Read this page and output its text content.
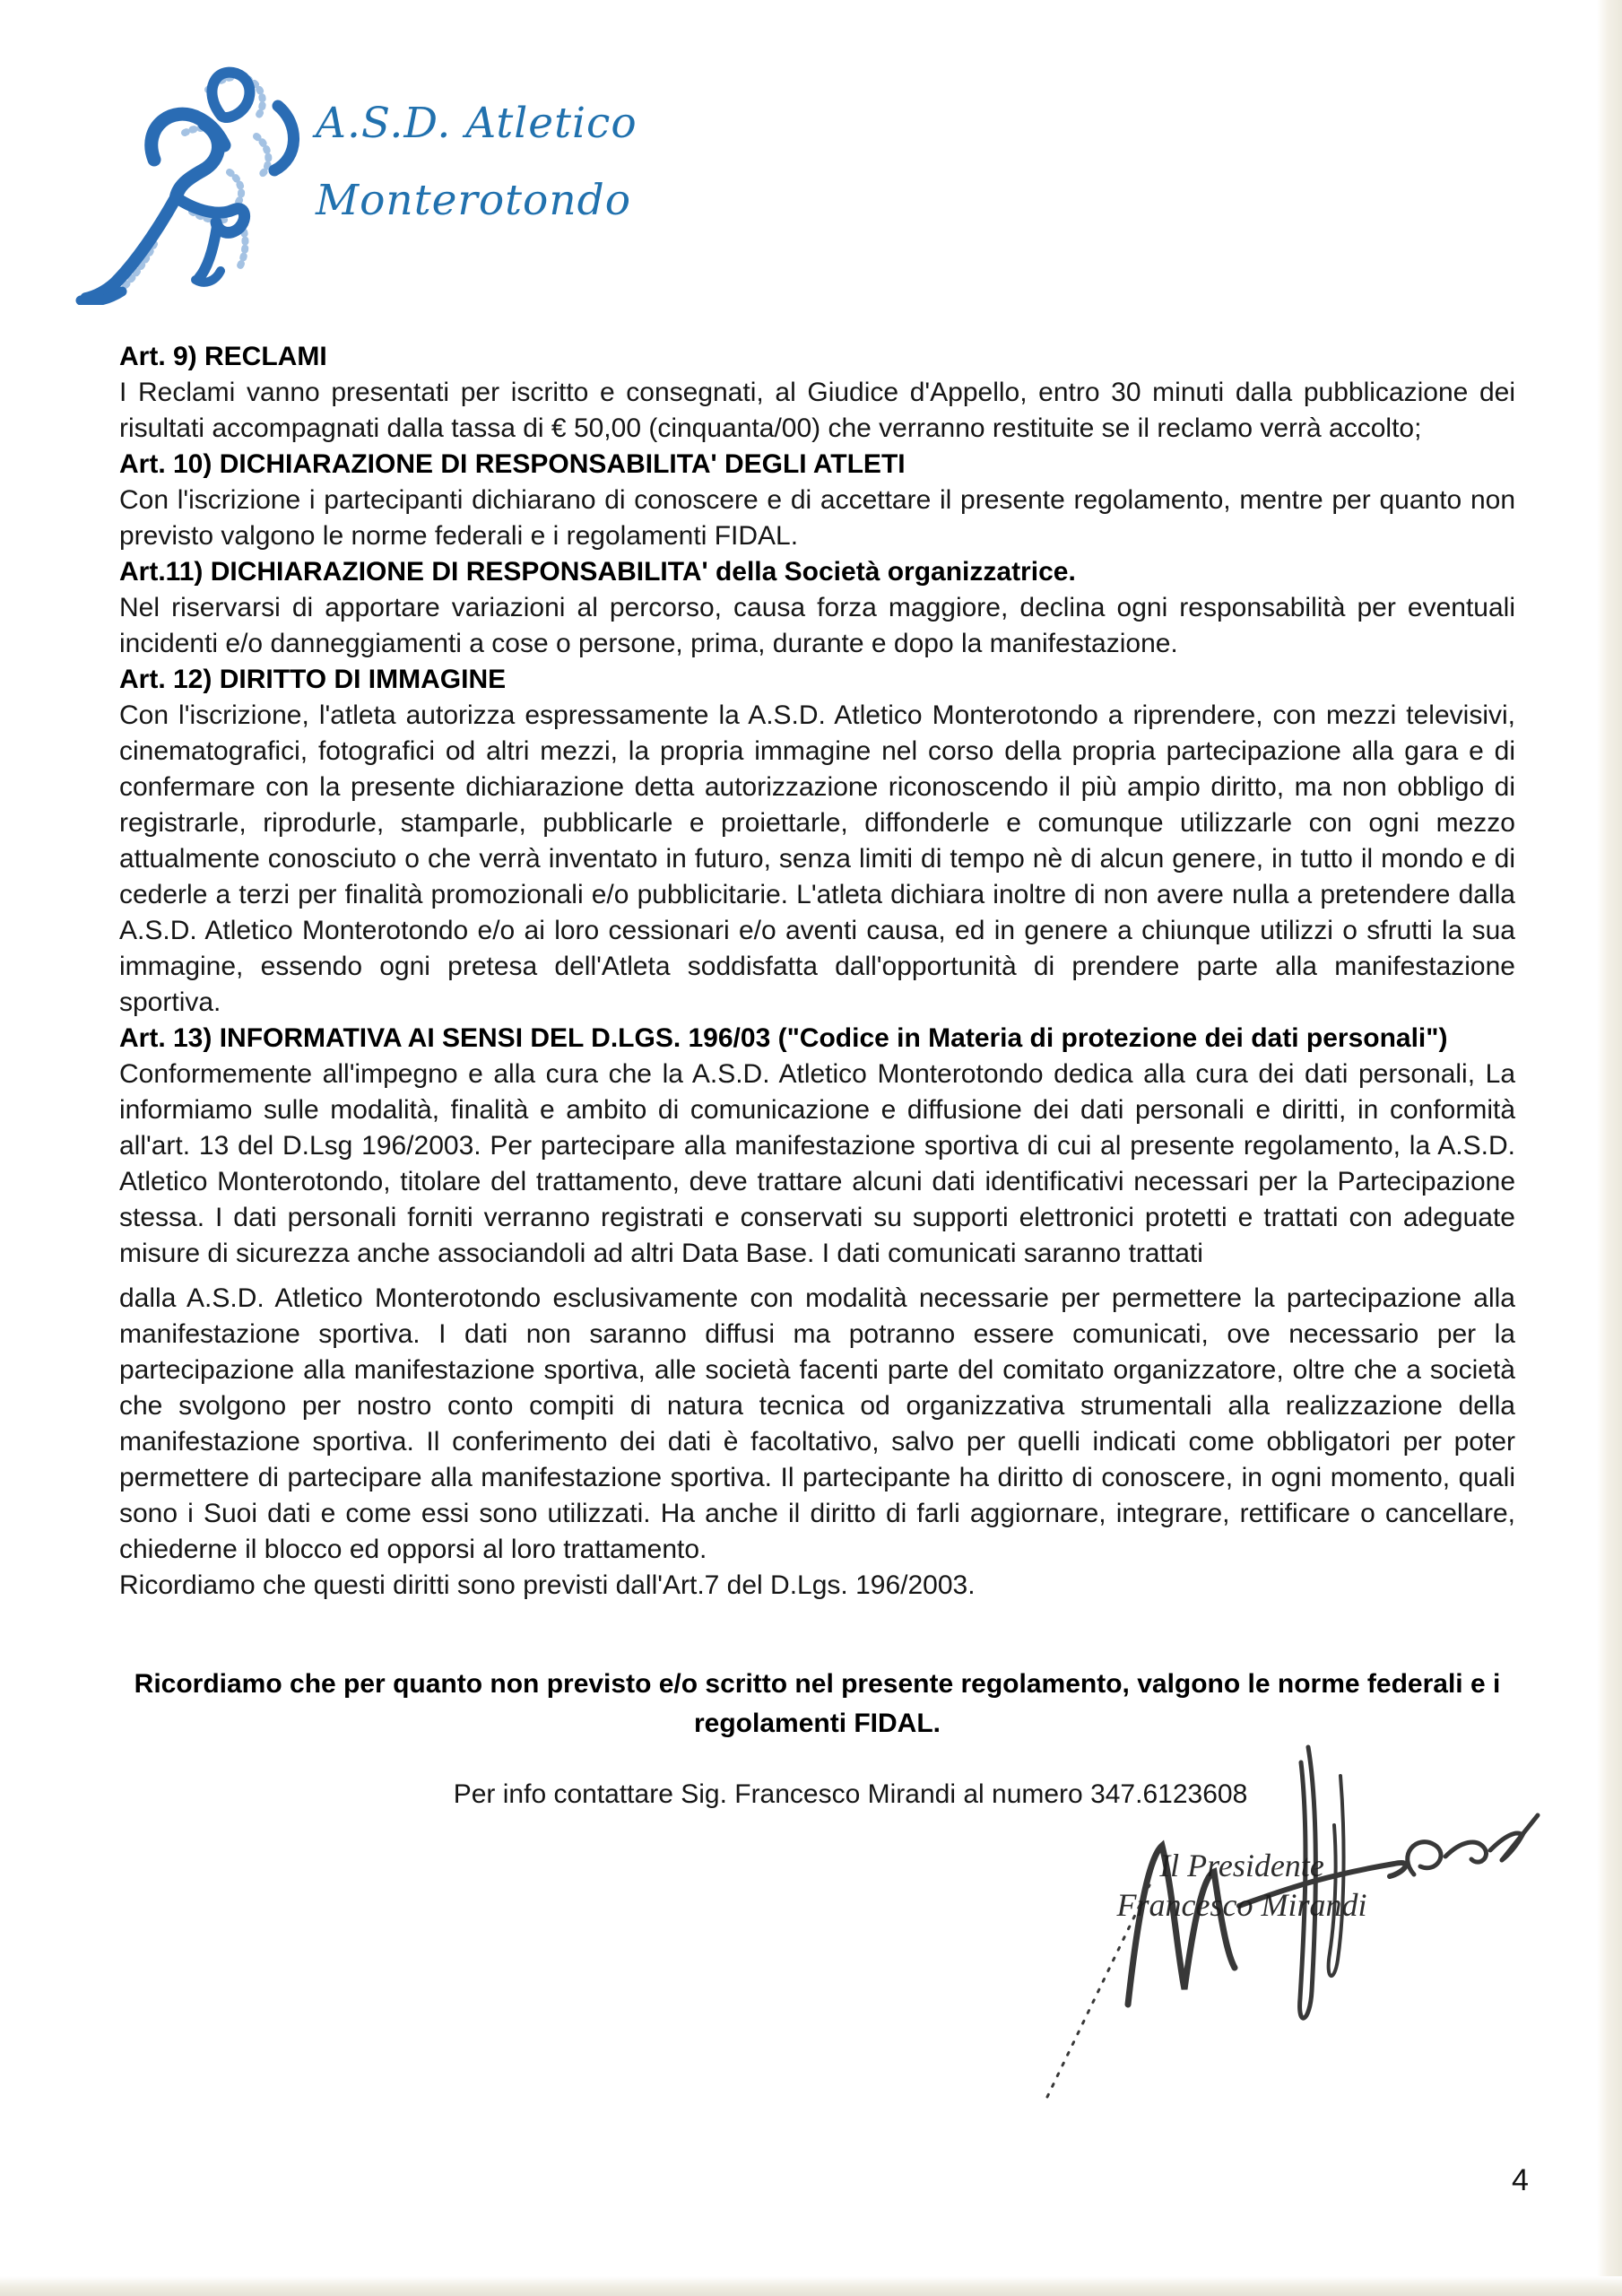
A.S.D. Atletico
Monterotondo

Art. 9) RECLAMI

I Reclami vanno presentati per iscritto e consegnati, al Giudice d'Appello, entro 30 minuti dalla pubblicazione dei risultati accompagnati dalla tassa di € 50,00 (cinquanta/00) che verranno restituite se il reclamo verrà accolto;

Art. 10) DICHIARAZIONE DI RESPONSABILITA' DEGLI ATLETI

Con l'iscrizione i partecipanti dichiarano di conoscere e di accettare il presente regolamento, mentre per quanto non previsto valgono le norme federali e i regolamenti FIDAL.

Art.11) DICHIARAZIONE DI RESPONSABILITA' della Società organizzatrice.

Nel riservarsi di apportare variazioni al percorso, causa forza maggiore, declina ogni responsabilità per eventuali incidenti e/o danneggiamenti a cose o persone, prima, durante e dopo la manifestazione.

Art. 12) DIRITTO DI IMMAGINE

Con l'iscrizione, l'atleta autorizza espressamente la A.S.D. Atletico Monterotondo a riprendere, con mezzi televisivi, cinematografici, fotografici od altri mezzi, la propria immagine nel corso della propria partecipazione alla gara e di confermare con la presente dichiarazione detta autorizzazione riconoscendo il più ampio diritto, ma non obbligo di registrarle, riprodurle, stamparle, pubblicarle e proiettarle, diffonderle e comunque utilizzarle con ogni mezzo attualmente conosciuto o che verrà inventato in futuro, senza limiti di tempo nè di alcun genere, in tutto il mondo e di cederle a terzi per finalità promozionali e/o pubblicitarie. L'atleta dichiara inoltre di non avere nulla a pretendere dalla A.S.D. Atletico Monterotondo e/o ai loro cessionari e/o aventi causa, ed in genere a chiunque utilizzi o sfrutti la sua immagine, essendo ogni pretesa dell'Atleta soddisfatta dall'opportunità di prendere parte alla manifestazione sportiva.

Art. 13) INFORMATIVA AI SENSI DEL D.LGS. 196/03 ("Codice in Materia di protezione dei dati personali")

Conformemente all'impegno e alla cura che la A.S.D. Atletico Monterotondo dedica alla cura dei dati personali, La informiamo sulle modalità, finalità e ambito di comunicazione e diffusione dei dati personali e diritti, in conformità all'art. 13 del D.Lsg 196/2003. Per partecipare alla manifestazione sportiva di cui al presente regolamento, la A.S.D. Atletico Monterotondo, titolare del trattamento, deve trattare alcuni dati identificativi necessari per la Partecipazione stessa. I dati personali forniti verranno registrati e conservati su supporti elettronici protetti e trattati con adeguate misure di sicurezza anche associandoli ad altri Data Base. I dati comunicati saranno trattati

dalla A.S.D. Atletico Monterotondo esclusivamente con modalità necessarie per permettere la partecipazione alla manifestazione sportiva. I dati non saranno diffusi ma potranno essere comunicati, ove necessario per la partecipazione alla manifestazione sportiva, alle società facenti parte del comitato organizzatore, oltre che a società che svolgono per nostro conto compiti di natura tecnica od organizzativa strumentali alla realizzazione della manifestazione sportiva. Il conferimento dei dati è facoltativo, salvo per quelli indicati come obbligatori per poter permettere di partecipare alla manifestazione sportiva. Il partecipante ha diritto di conoscere, in ogni momento, quali sono i Suoi dati e come essi sono utilizzati. Ha anche il diritto di farli aggiornare, integrare, rettificare o cancellare, chiederne il blocco ed opporsi al loro trattamento.

Ricordiamo che questi diritti sono previsti dall'Art.7 del D.Lgs. 196/2003.

Ricordiamo che per quanto non previsto e/o scritto nel presente regolamento, valgono le norme federali e i regolamenti FIDAL.
Per info contattare Sig. Francesco Mirandi al numero 347.6123608
Il Presidente
Francesco Mirandi
4
